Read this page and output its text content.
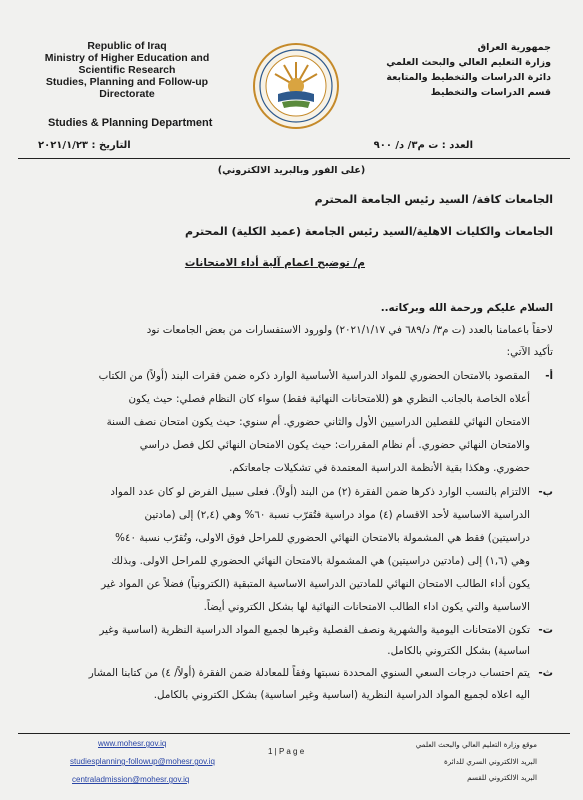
Republic of Iraq
Ministry of Higher Education and
Scientific Research
Studies, Planning and Follow-up
Directorate
Studies & Planning Department
جمهورية العراق
وزارة التعليم العالي والبحث العلمي
دائرة الدراسات والتخطيط والمتابعة
قسم الدراسات والتخطيط
العدد : ت م٣/ د/ ٩٠٠
التاريخ : ٢٠٢١/١/٢٣
(على الفور وبالبريد الالكتروني)
الجامعات كافة/ السيد رئيس الجامعة المحترم
الجامعات والكليات الاهلية/السيد رئيس الجامعة (عميد الكلية) المحترم
م/ توضيح اعمام آلية أداء الامتحانات
السلام عليكم ورحمة الله وبركاته..
لاحقاً باعمامنا بالعدد (ت م٣/ د/٦٨٩ في ٢٠٢١/١/١٧) ولورود الاستفسارات من بعض الجامعات نود
تأكيد الآتي:
أ-
المقصود بالامتحان الحضوري للمواد الدراسية الأساسية الوارد ذكره ضمن فقرات البند (أولاً) من الكتاب
أعلاه الخاصة بالجانب النظري هو (للامتحانات النهائية فقط) سواء كان النظام فصلي: حيث يكون
الامتحان النهائي للفصلين الدراسيين الأول والثاني حضوري. أم سنوي: حيث يكون امتحان نصف السنة
والامتحان النهائي حضوري. أم نظام المقررات: حيث يكون الامتحان النهائي لكل فصل دراسي
حضوري. وهكذا بقية الأنظمة الدراسية المعتمدة في تشكيلات جامعاتكم.
ب-
الالتزام بالنسب الوارد ذكرها ضمن الفقرة (٢) من البند (أولاً). فعلى سبيل الفرض لو كان عدد المواد
الدراسية الاساسية لأحد الاقسام (٤) مواد دراسية فتُقرّب نسبة ٦٠% وهي (٢,٤) إلى (مادتين
دراسيتين) فقط هي المشمولة بالامتحان النهائي الحضوري للمراحل فوق الاولى، وتُقرّب نسبة ٤٠%
وهي (١,٦) إلى (مادتين دراسيتين) هي المشمولة بالامتحان النهائي الحضوري للمراحل الاولى. وبذلك
يكون أداء الطالب الامتحان النهائي للمادتين الدراسية الاساسية المتبقية (الكترونياً) فضلاً عن المواد غير
الاساسية والتي يكون اداء الطالب الامتحانات النهائية لها بشكل الكتروني أيضاً.
ت-
تكون الامتحانات اليومية والشهرية ونصف الفصلية وغيرها لجميع المواد الدراسية النظرية (اساسية وغير
اساسية) بشكل الكتروني بالكامل.
ث-
يتم احتساب درجات السعي السنوي المحددة نسبتها وفقاً للمعادلة ضمن الفقرة (أولاً/ ٤) من كتابنا المشار
اليه اعلاه لجميع المواد الدراسية النظرية (اساسية وغير اساسية) بشكل الكتروني بالكامل.
www.mohesr.gov.iq
studiesplanning-followup@mohesr.gov.iq
centraladmission@mohesr.gov.iq
1 | P a g e
موقع وزارة التعليم العالي والبحث العلمي
البريد الالكتروني السري للدائرة
البريد الالكتروني للقسم
